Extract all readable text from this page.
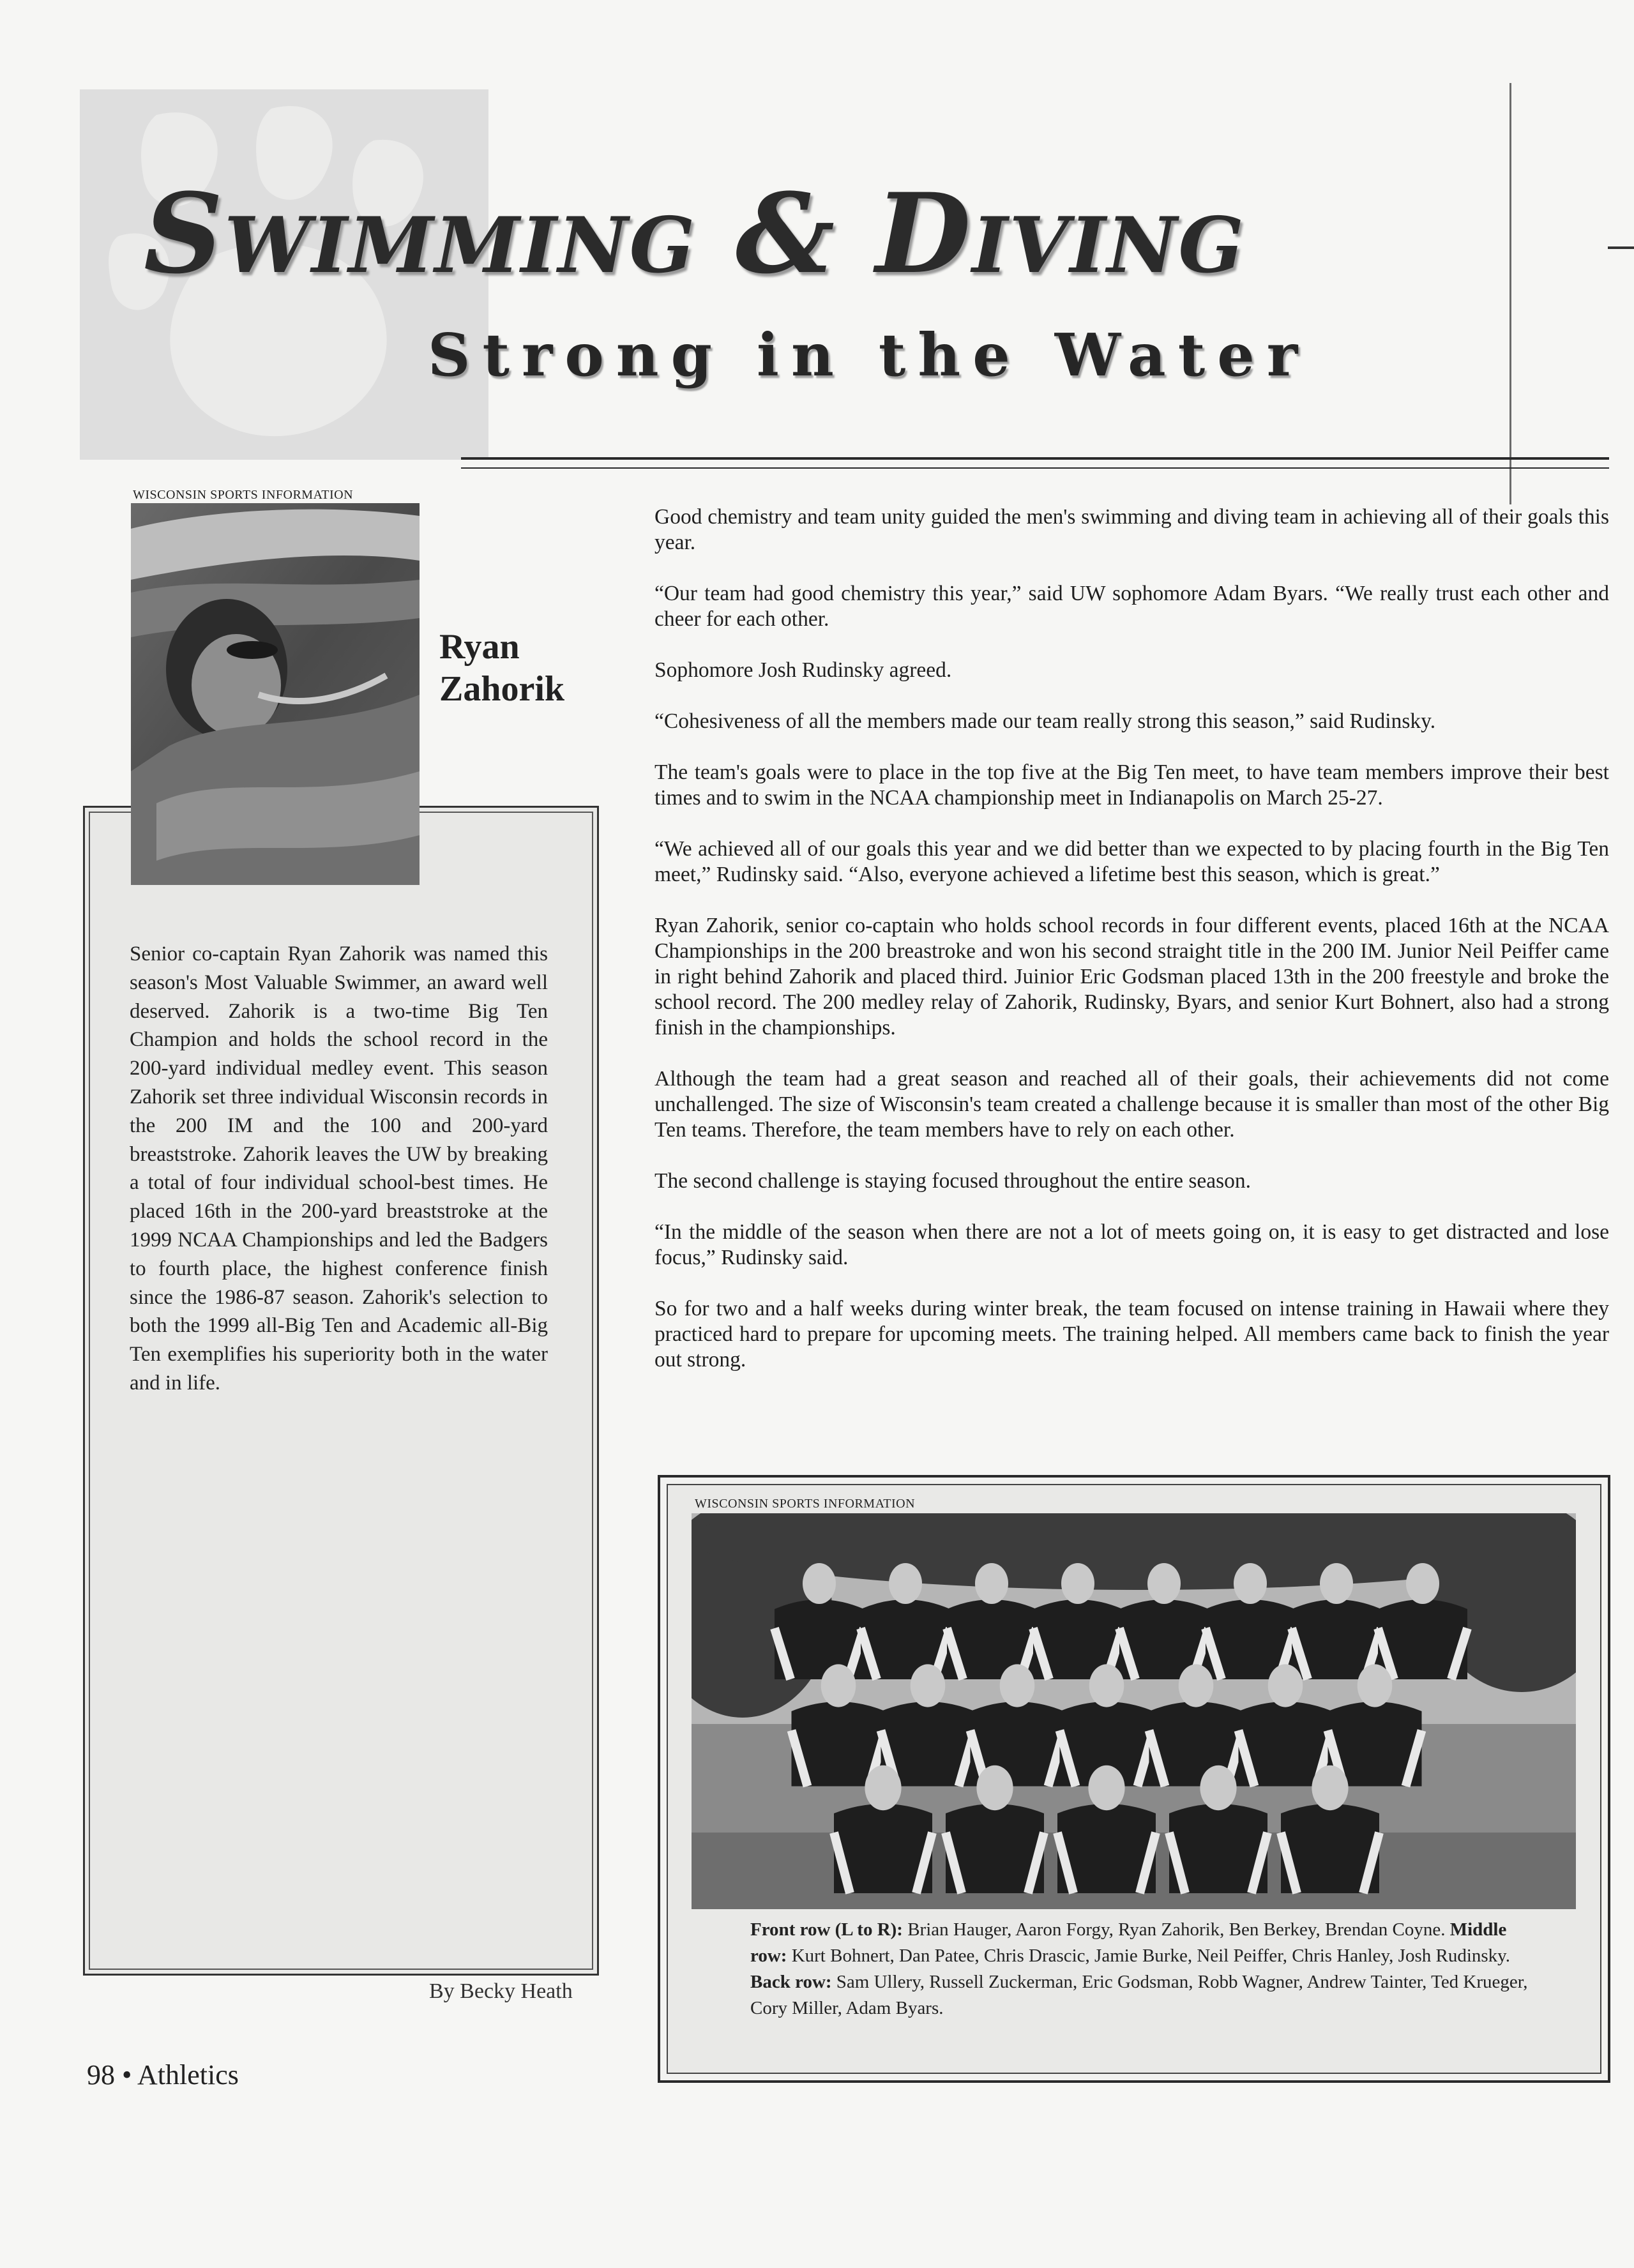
Swimming & Diving
Strong in the Water
WISCONSIN SPORTS INFORMATION
Ryan
Zahorik

Senior co-captain Ryan Zahorik was named this season's Most Valuable Swimmer, an award well deserved. Zahorik is a two-time Big Ten Champion and holds the school record in the 200-yard individual medley event. This season Zahorik set three individual Wisconsin records in the 200 IM and the 100 and 200-yard breaststroke. Zahorik leaves the UW by breaking a total of four individual school-best times. He placed 16th in the 200-yard breaststroke at the 1999 NCAA Championships and led the Badgers to fourth place, the highest conference finish since the 1986-87 season. Zahorik's selection to both the 1999 all-Big Ten and Academic all-Big Ten exemplifies his superiority both in the water and in life.

By Becky Heath
98 • Athletics

Good chemistry and team unity guided the men's swimming and diving team in achieving all of their goals this year.

“Our team had good chemistry this year,” said UW sophomore Adam Byars. “We really trust each other and cheer for each other.

Sophomore Josh Rudinsky agreed.

“Cohesiveness of all the members made our team really strong this season,” said Rudinsky.

The team's goals were to place in the top five at the Big Ten meet, to have team members improve their best times and to swim in the NCAA championship meet in Indianapolis on March 25-27.

“We achieved all of our goals this year and we did better than we expected to by placing fourth in the Big Ten meet,” Rudinsky said. “Also, everyone achieved a lifetime best this season, which is great.”

Ryan Zahorik, senior co-captain who holds school records in four different events, placed 16th at the NCAA Championships in the 200 breastroke and won his second straight title in the 200 IM. Junior Neil Peiffer came in right behind Zahorik and placed third. Juinior Eric Godsman placed 13th in the 200 freestyle and broke the school record. The 200 medley relay of Zahorik, Rudinsky, Byars, and senior Kurt Bohnert, also had a strong finish in the championships.

Although the team had a great season and reached all of their goals, their achievements did not come unchallenged. The size of Wisconsin's team created a challenge because it is smaller than most of the other Big Ten teams. Therefore, the team members have to rely on each other.

The second challenge is staying focused throughout the entire season.

“In the middle of the season when there are not a lot of meets going on, it is easy to get distracted and lose focus,” Rudinsky said.

So for two and a half weeks during winter break, the team focused on intense training in Hawaii where they practiced hard to prepare for upcoming meets. The training helped. All members came back to finish the year out strong.

WISCONSIN SPORTS INFORMATION

Front row (L to R): Brian Hauger, Aaron Forgy, Ryan Zahorik, Ben Berkey, Brendan Coyne. Middle row: Kurt Bohnert, Dan Patee, Chris Drascic, Jamie Burke, Neil Peiffer, Chris Hanley, Josh Rudinsky. Back row: Sam Ullery, Russell Zuckerman, Eric Godsman, Robb Wagner, Andrew Tainter, Ted Krueger, Cory Miller, Adam Byars.
